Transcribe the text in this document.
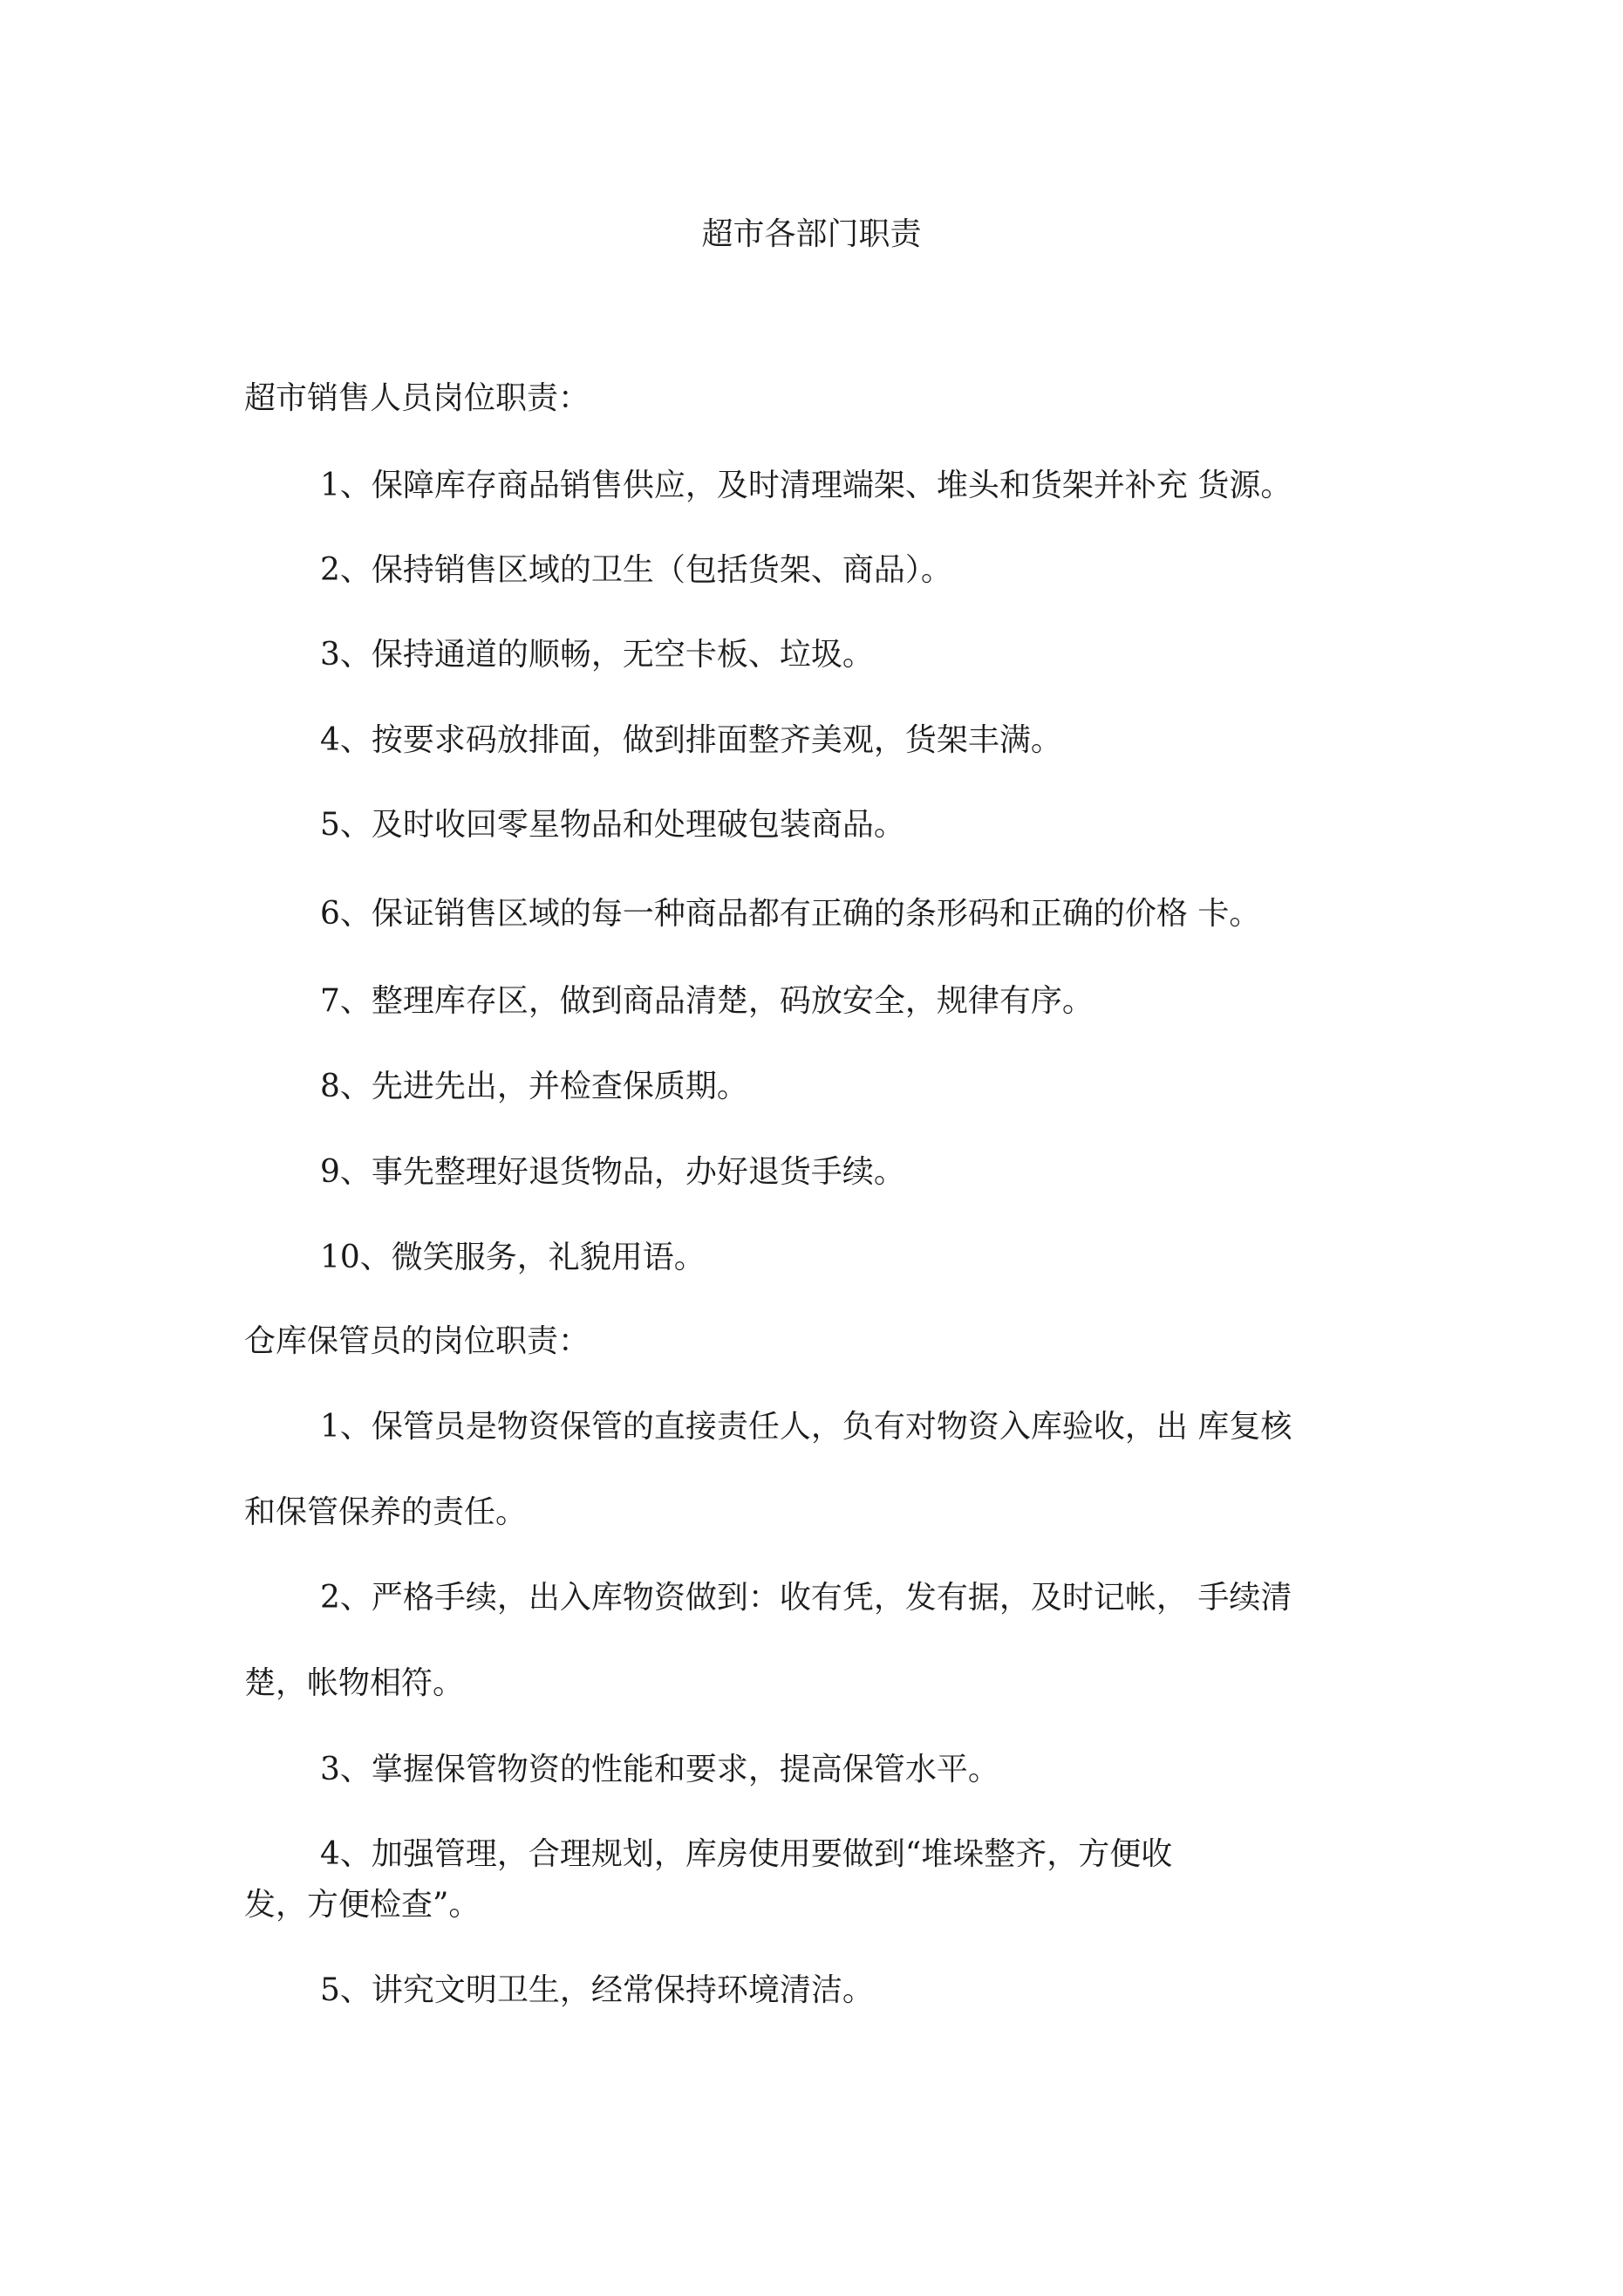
超市各部门职责
超市销售人员岗位职责：
1、保障库存商品销售供应，及时清理端架、堆头和货架并补充 货源。
2、保持销售区域的卫生（包括货架、商品）。
3、保持通道的顺畅，无空卡板、垃圾。
4、按要求码放排面，做到排面整齐美观，货架丰满。
5、及时收回零星物品和处理破包装商品。
6、保证销售区域的每一种商品都有正确的条形码和正确的价格 卡。
7、整理库存区，做到商品清楚，码放安全，规律有序。
8、先进先出，并检查保质期。
9、事先整理好退货物品，办好退货手续。
10、微笑服务，礼貌用语。
仓库保管员的岗位职责：
1、保管员是物资保管的直接责任人，负有对物资入库验收，出 库复核
和保管保养的责任。
2、严格手续，出入库物资做到：收有凭，发有据，及时记帐， 手续清
楚，帐物相符。
3、掌握保管物资的性能和要求，提高保管水平。
4、加强管理，合理规划，库房使用要做到“堆垛整齐，方便收
发，方便检查”。
5、讲究文明卫生，经常保持环境清洁。
